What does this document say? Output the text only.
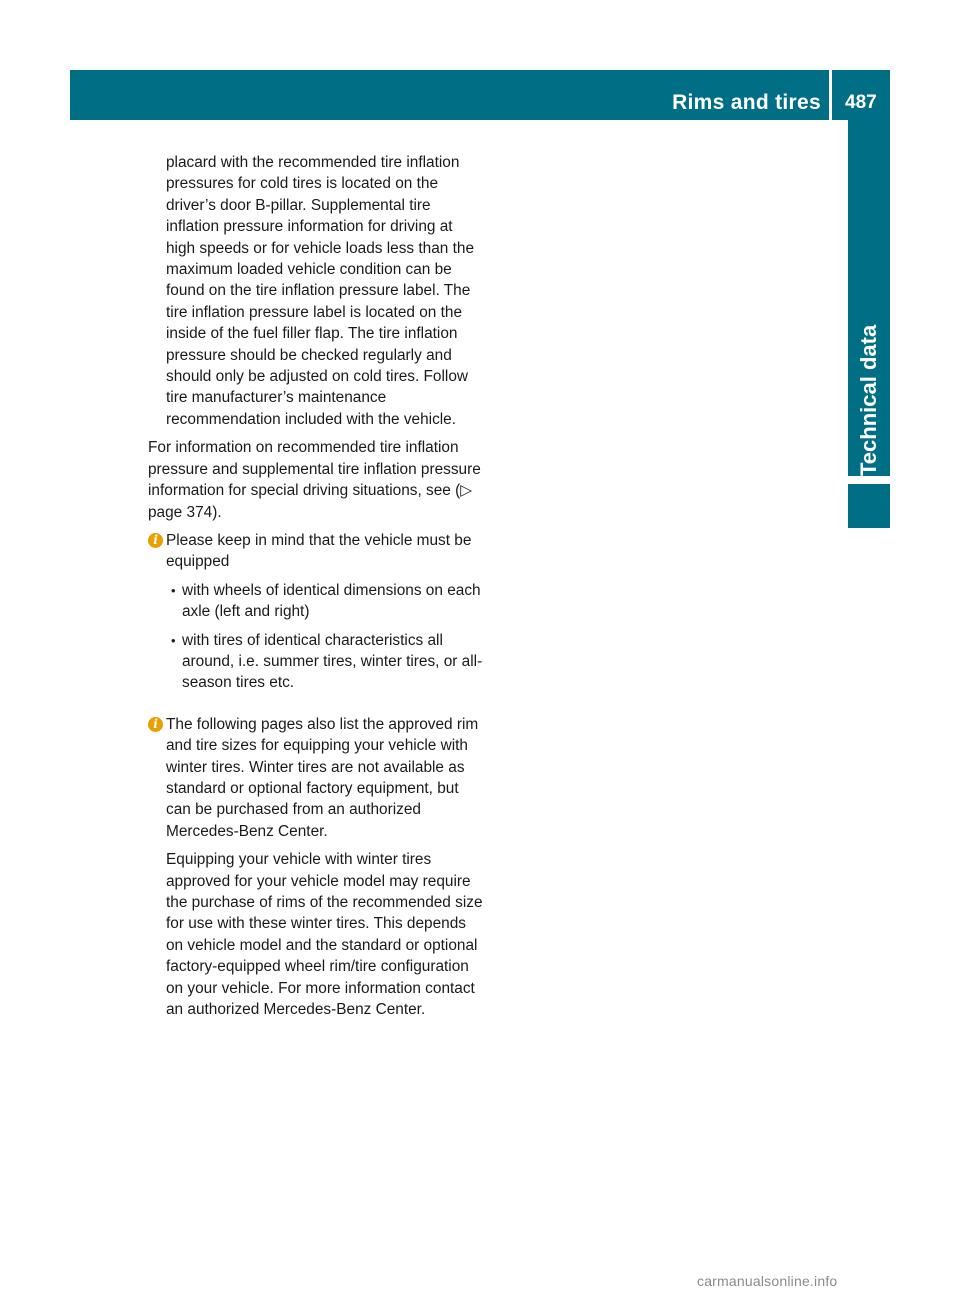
Rims and tires 487
Technical data

placard with the recommended tire inflation pressures for cold tires is located on the driver’s door B-pillar. Supplemental tire inflation pressure information for driving at high speeds or for vehicle loads less than the maximum loaded vehicle condition can be found on the tire inflation pressure label. The tire inflation pressure label is located on the inside of the fuel filler flap. The tire inflation pressure should be checked regularly and should only be adjusted on cold tires. Follow tire manufacturer’s maintenance recommendation included with the vehicle.

For information on recommended tire inflation pressure and supplemental tire inflation pressure information for special driving situations, see (▷ page 374).

i Please keep in mind that the vehicle must be equipped

• with wheels of identical dimensions on each axle (left and right)

• with tires of identical characteristics all around, i.e. summer tires, winter tires, or all-season tires etc.

i The following pages also list the approved rim and tire sizes for equipping your vehicle with winter tires. Winter tires are not available as standard or optional factory equipment, but can be purchased from an authorized Mercedes-Benz Center.

Equipping your vehicle with winter tires approved for your vehicle model may require the purchase of rims of the recommended size for use with these winter tires. This depends on vehicle model and the standard or optional factory-equipped wheel rim/tire configuration on your vehicle. For more information contact an authorized Mercedes-Benz Center.

carmanualsonline.info
